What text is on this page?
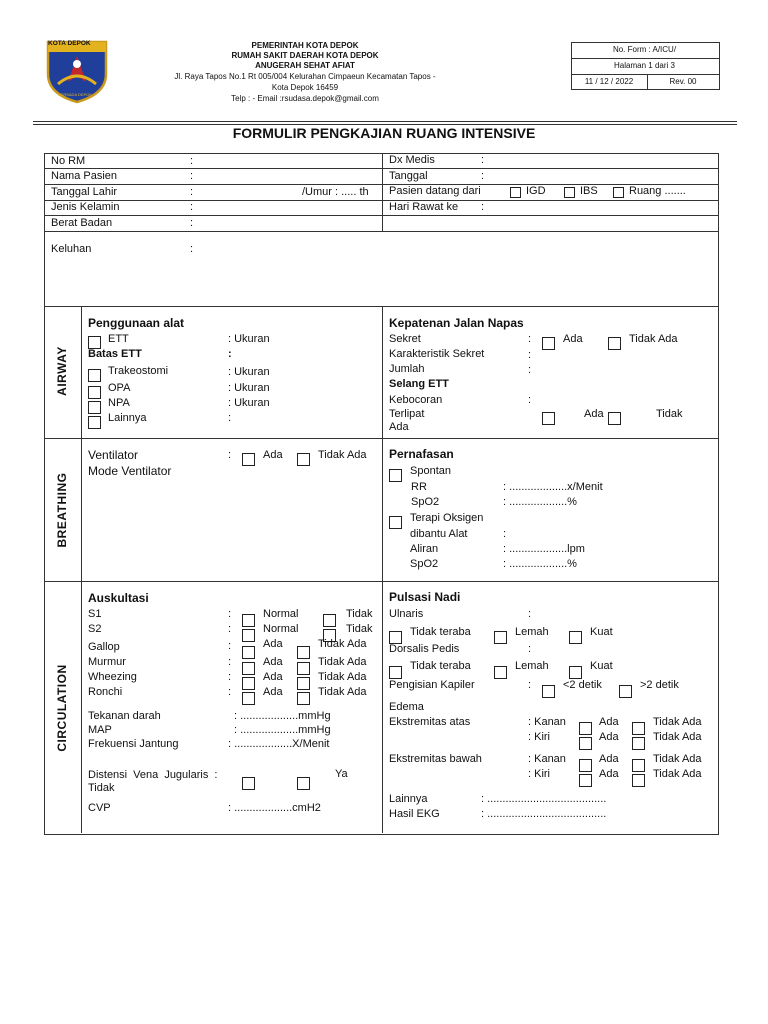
KOTA DEPOK
PERSADA DEPOK
PEMERINTAH KOTA DEPOK
RUMAH SAKIT DAERAH KOTA DEPOK
ANUGERAH SEHAT AFIAT
Jl. Raya Tapos No.1 Rt 005/004 Kelurahan Cimpaeun Kecamatan Tapos -
Kota Depok 16459
Telp : - Email :rsudasa.depok@gmail.com
No. Form : A/ICU/
Halaman 1 dari 3
11 / 12 / 2022	Rev. 00
FORMULIR PENGKAJIAN RUANG INTENSIVE
No RM	:
Nama Pasien	:
Tanggal Lahir	:	/Umur : ..... th
Jenis Kelamin	:
Berat Badan	:
Dx Medis	:
Tanggal	:
Pasien datang dari	IGD	IBS	Ruang .......
Hari Rawat ke :
Keluhan	:
AIRWAY
BREATHING
CIRCULATION
Penggunaan alat
ETT	: Ukuran
Batas ETT	:
Trakeostomi	: Ukuran
OPA	: Ukuran
NPA	: Ukuran
Lainnya	:
Kepatenan Jalan Napas
Sekret	:	Ada	Tidak Ada
Karakteristik Sekret	:
Jumlah	:
Selang ETT
Kebocoran	:
Terlipat	Ada	Tidak
Ada
Ventilator	:	Ada	Tidak Ada
Mode Ventilator
Pernafasan
Spontan
RR	: ...................x/Menit
SpO2	: ...................%
Terapi Oksigen
dibantu Alat	:
Aliran	: ...................lpm
SpO2	: ...................%
Auskultasi
S1	:	Normal	Tidak
S2	:	Normal	Tidak
Gallop	:	Ada	Tidak Ada
Murmur	:	Ada	Tidak Ada
Wheezing	:	Ada	Tidak Ada
Ronchi	:	Ada	Tidak Ada
Tekanan darah	: ...................mmHg
MAP	: ...................mmHg
Frekuensi Jantung	: ...................X/Menit
Distensi Vena Jugularis :	Ya
Tidak
CVP	: ...................cmH2
Pulsasi Nadi
Ulnaris	:
Tidak teraba	Lemah	Kuat
Dorsalis Pedis	:
Tidak teraba	Lemah	Kuat
Pengisian Kapiler	:	<2 detik	>2 detik
Edema
Ekstremitas atas	: Kanan	Ada	Tidak Ada
: Kiri	Ada	Tidak Ada
Ekstremitas bawah	: Kanan	Ada	Tidak Ada
: Kiri	Ada	Tidak Ada
Lainnya	: .......................................
Hasil EKG	: .......................................
